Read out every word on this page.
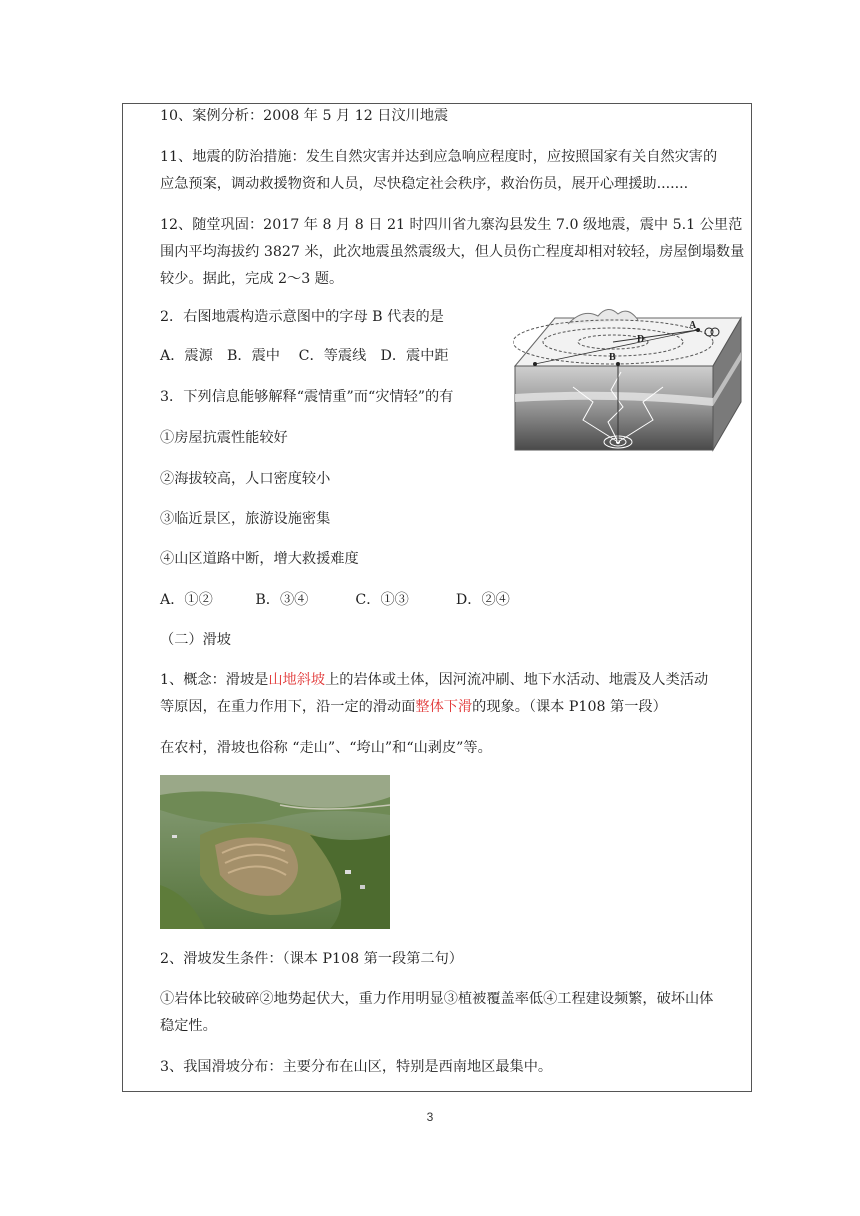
10、案例分析：2008 年 5 月 12 日汶川地震
11、地震的防治措施：发生自然灾害并达到应急响应程度时，应按照国家有关自然灾害的
应急预案，调动救援物资和人员，尽快稳定社会秩序，救治伤员，展开心理援助.......
12、随堂巩固：2017 年 8 月 8 日 21 时四川省九寨沟县发生 7.0 级地震，震中 5.1 公里范
围内平均海拔约 3827 米，此次地震虽然震级大，但人员伤亡程度却相对较轻，房屋倒塌数量
较少。据此，完成 2～3 题。
2．右图地震构造示意图中的字母 B 代表的是
A．震源　B．震中　 C．等震线　D．震中距
3．下列信息能够解释“震情重”而“灾情轻”的有
①房屋抗震性能较好
②海拔较高，人口密度较小
③临近景区，旅游设施密集
④山区道路中断，增大救援难度
A．①②　　　B．③④　　　 C．①③　　　 D．②④
（二）滑坡
1、概念：滑坡是山地斜坡上的岩体或土体，因河流冲刷、地下水活动、地震及人类活动
等原因，在重力作用下，沿一定的滑动面整体下滑的现象。（课本 P108 第一段）
在农村，滑坡也俗称 “走山”、“垮山”和“山剥皮”等。
2、滑坡发生条件：（课本 P108 第一段第二句）
①岩体比较破碎②地势起伏大，重力作用明显③植被覆盖率低④工程建设频繁，破坏山体
稳定性。
3、我国滑坡分布：主要分布在山区，特别是西南地区最集中。
A
B
D
3
